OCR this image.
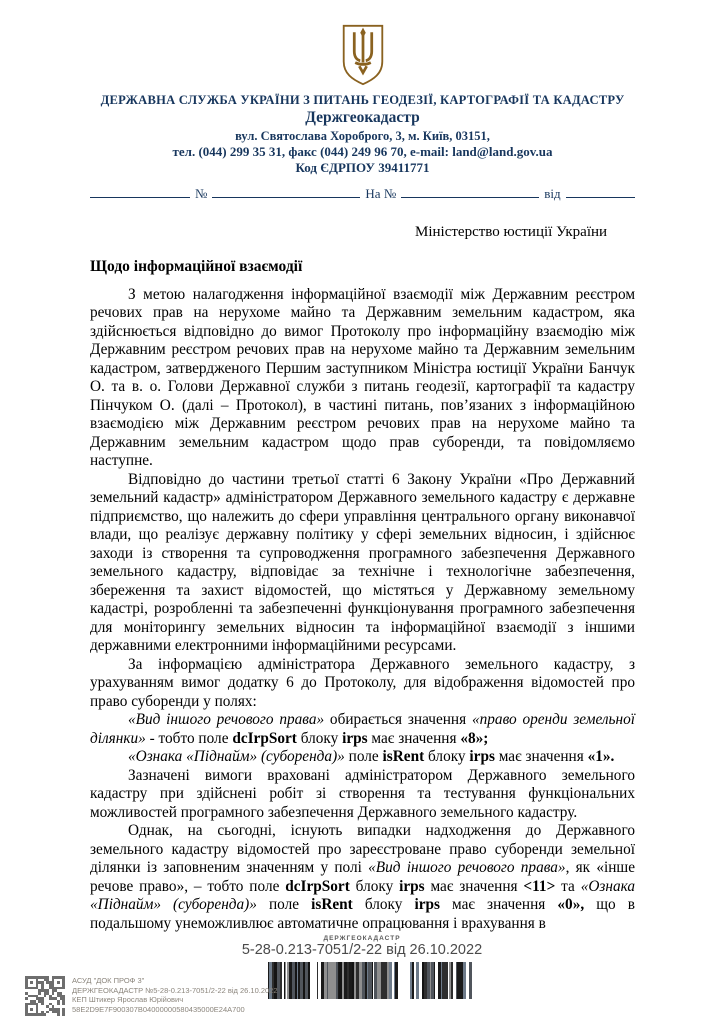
ДЕРЖАВНА СЛУЖБА УКРАЇНИ З ПИТАНЬ ГЕОДЕЗІЇ, КАРТОГРАФІЇ ТА КАДАСТРУ
Держгеокадастр
вул. Святослава Хороброго, 3, м. Київ, 03151,
тел. (044) 299 35 31, факс (044) 249 96 70, e-mail: land@land.gov.ua
Код ЄДРПОУ 39411771
№	На №	від
Міністерство юстиції України
Щодо інформаційної взаємодії

З метою налагодження інформаційної взаємодії між Державним реєстром речових прав на нерухоме майно та Державним земельним кадастром, яка здійснюється відповідно до вимог Протоколу про інформаційну взаємодію між Державним реєстром речових прав на нерухоме майно та Державним земельним кадастром, затвердженого Першим заступником Міністра юстиції України Банчук О. та в. о. Голови Державної служби з питань геодезії, картографії та кадастру Пінчуком О. (далі – Протокол), в частині питань, повʼязаних з інформаційною взаємодією між Державним реєстром речових прав на нерухоме майно та Державним земельним кадастром щодо прав суборенди, та повідомляємо наступне.

Відповідно до частини третьої статті 6 Закону України «Про Державний земельний кадастр» адміністратором Державного земельного кадастру є державне підприємство, що належить до сфери управління центрального органу виконавчої влади, що реалізує державну політику у сфері земельних відносин, і здійснює заходи із створення та супроводження програмного забезпечення Державного земельного кадастру, відповідає за технічне і технологічне забезпечення, збереження та захист відомостей, що містяться у Державному земельному кадастрі, розробленні та забезпеченні функціонування програмного забезпечення для моніторингу земельних відносин та інформаційної взаємодії з іншими державними електронними інформаційними ресурсами.

За інформацією адміністратора Державного земельного кадастру, з урахуванням вимог додатку 6 до Протоколу, для відображення відомостей про право суборенди у полях:

«Вид іншого речового права» обирається значення «право оренди земельної ділянки» - тобто поле dcIrpSort блоку irps має значення «8»;

«Ознака «Піднайм» (суборенда)» поле isRent блоку irps має значення «1».

Зазначені вимоги враховані адміністратором Державного земельного кадастру при здійснені робіт зі створення та тестування функціональних можливостей програмного забезпечення Державного земельного кадастру.

Однак, на сьогодні, існують випадки надходження до Державного земельного кадастру відомостей про зареєстроване право суборенди земельної ділянки із заповненим значенням у полі «Вид іншого речового права», як «інше речове право», – тобто поле dcIrpSort блоку irps має значення <11> та «Ознака «Піднайм» (суборенда)» поле isRent блоку irps має значення «0», що в подальшому унеможливлює автоматичне опрацювання і врахування в

ДЕРЖГЕОКАДАСТР
5-28-0.213-7051/2-22 від 26.10.2022
АСУД "ДОК ПРОФ 3"
ДЕРЖГЕОКАДАСТР №5-28-0.213-7051/2-22 від 26.10.2022
КЕП Штикер Ярослав Юрійович
58E2D9E7F900307B04000000580435000E24A700
